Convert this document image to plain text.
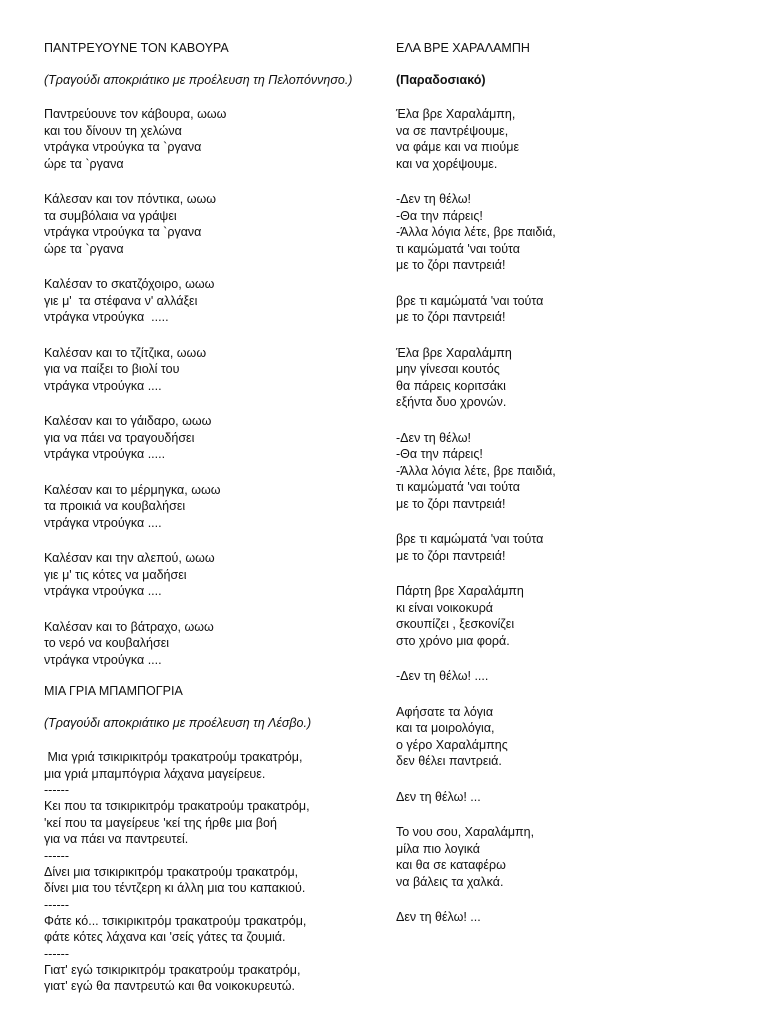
ΠΑΝΤΡΕΥΟΥΝΕ ΤΟΝ ΚΑΒΟΥΡΑ
(Τραγούδι αποκριάτικο με προέλευση τη Πελοπόννησο.)
Παντρεύουνε τον κάβουρα, ωωω
και του δίνουν τη χελώνα
ντράγκα ντρούγκα τα `ργανα
ώρε τα `ργανα
Κάλεσαν και τον πόντικα, ωωω
τα συμβόλαια να γράψει
ντράγκα ντρούγκα τα `ργανα
ώρε τα `ργανα
Καλέσαν το σκατζόχοιρο, ωωω
γιε μ'  τα στέφανα ν' αλλάξει
ντράγκα ντρούγκα  .....
Καλέσαν και το τζίτζικα, ωωω
για να παίξει το βιολί του
ντράγκα ντρούγκα ....
Καλέσαν και το γάιδαρο, ωωω
για να πάει να τραγουδήσει
ντράγκα ντρούγκα .....
Καλέσαν και το μέρμηγκα, ωωω
τα προικιά να κουβαλήσει
ντράγκα ντρούγκα ....
Καλέσαν και την αλεπού, ωωω
γιε μ' τις κότες να μαδήσει
ντράγκα ντρούγκα ....
Καλέσαν και το βάτραχο, ωωω
το νερό να κουβαλήσει
ντράγκα ντρούγκα ....
ΜΙΑ ΓΡΙΑ ΜΠΑΜΠΟΓΡΙΑ
(Τραγούδι αποκριάτικο με προέλευση τη Λέσβο.)
Μια γριά τσικιρικιτρόμ τρακατρούμ τρακατρόμ,
μια γριά μπαμπόγρια λάχανα μαγείρευε.
------
Κει που τα τσικιρικιτρόμ τρακατρούμ τρακατρόμ,
'κεί που τα μαγείρευε 'κεί της ήρθε μια βοή
για να πάει να παντρευτεί.
------
Δίνει μια τσικιρικιτρόμ τρακατρούμ τρακατρόμ,
δίνει μια του τέντζερη κι άλλη μια του καπακιού.
------
Φάτε κό... τσικιρικιτρόμ τρακατρούμ τρακατρόμ,
φάτε κότες λάχανα και 'σείς γάτες τα ζουμιά.
------
Γιατ' εγώ τσικιρικιτρόμ τρακατρούμ τρακατρόμ,
γιατ' εγώ θα παντρευτώ και θα νοικοκυρευτώ.
ΕΛΑ ΒΡΕ ΧΑΡΑΛΑΜΠΗ
(Παραδοσιακό)
Έλα βρε Χαραλάμπη,
να σε παντρέψουμε,
να φάμε και να πιούμε
και να χορέψουμε.
-Δεν τη θέλω!
-Θα την πάρεις!
-Άλλα λόγια λέτε, βρε παιδιά,
τι καμώματά 'ναι τούτα
με το ζόρι παντρειά!
βρε τι καμώματά 'ναι τούτα
με το ζόρι παντρειά!
Έλα βρε Χαραλάμπη
μην γίνεσαι κουτός
θα πάρεις κοριτσάκι
εξήντα δυο χρονών.
-Δεν τη θέλω!
-Θα την πάρεις!
-Άλλα λόγια λέτε, βρε παιδιά,
τι καμώματά 'ναι τούτα
με το ζόρι παντρειά!
βρε τι καμώματά 'ναι τούτα
με το ζόρι παντρειά!
Πάρτη βρε Χαραλάμπη
κι είναι νοικοκυρά
σκουπίζει , ξεσκονίζει
στο χρόνο μια φορά.
-Δεν τη θέλω! ....
Αφήσατε τα λόγια
και τα μοιρολόγια,
ο γέρο Χαραλάμπης
δεν θέλει παντρειά.
Δεν τη θέλω! ...
Το νου σου, Χαραλάμπη,
μίλα πιο λογικά
και θα σε καταφέρω
να βάλεις τα χαλκά.
Δεν τη θέλω! ...
